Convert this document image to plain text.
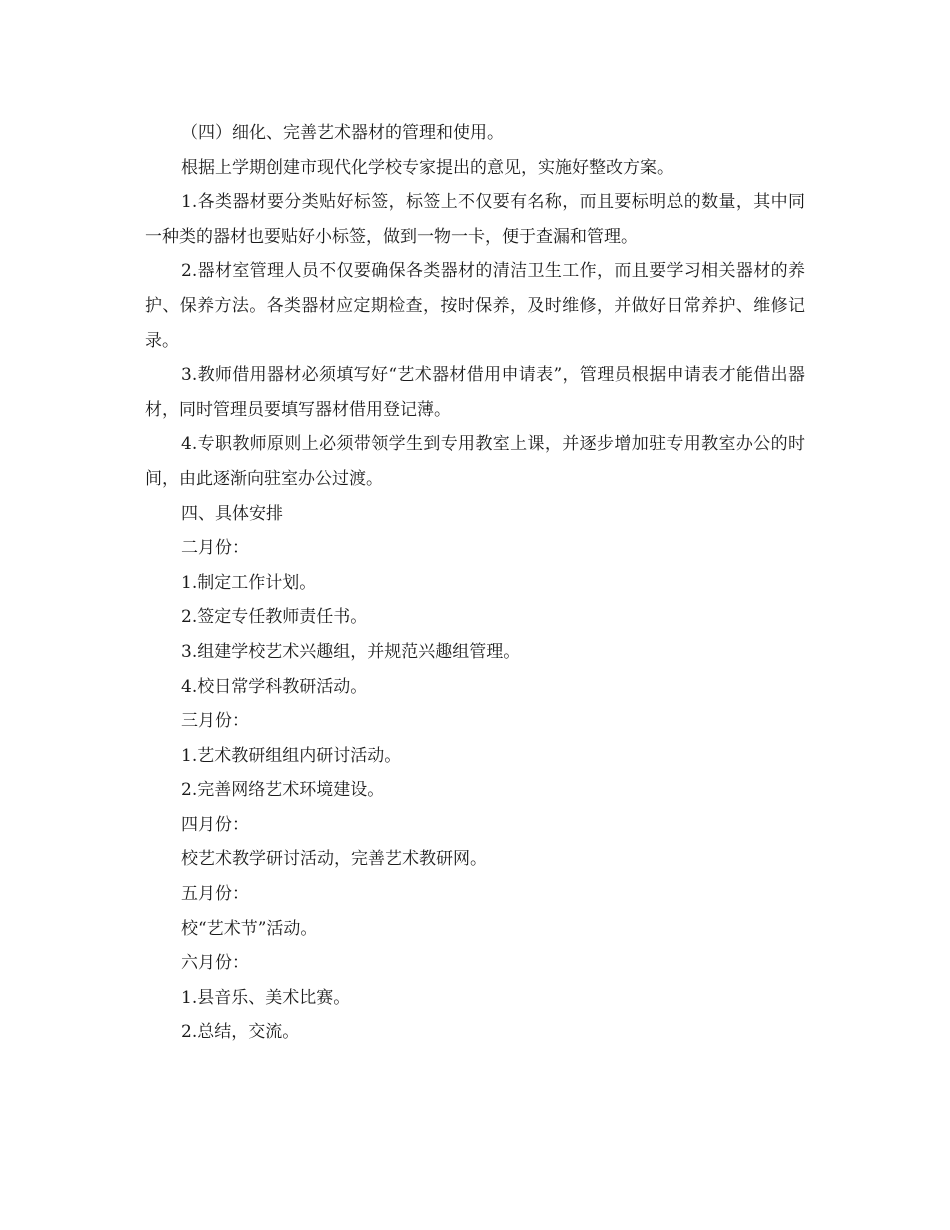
（四）细化、完善艺术器材的管理和使用。

根据上学期创建市现代化学校专家提出的意见，实施好整改方案。

1.各类器材要分类贴好标签，标签上不仅要有名称，而且要标明总的数量，其中同一种类的器材也要贴好小标签，做到一物一卡，便于查漏和管理。

2.器材室管理人员不仅要确保各类器材的清洁卫生工作，而且要学习相关器材的养护、保养方法。各类器材应定期检查，按时保养，及时维修，并做好日常养护、维修记录。

3.教师借用器材必须填写好“艺术器材借用申请表”，管理员根据申请表才能借出器材，同时管理员要填写器材借用登记薄。

4.专职教师原则上必须带领学生到专用教室上课，并逐步增加驻专用教室办公的时间，由此逐渐向驻室办公过渡。

四、具体安排

二月份：

1.制定工作计划。

2.签定专任教师责任书。

3.组建学校艺术兴趣组，并规范兴趣组管理。

4.校日常学科教研活动。

三月份：

1.艺术教研组组内研讨活动。

2.完善网络艺术环境建设。

四月份：

校艺术教学研讨活动，完善艺术教研网。

五月份：

校“艺术节”活动。

六月份：

1.县音乐、美术比赛。

2.总结，交流。
